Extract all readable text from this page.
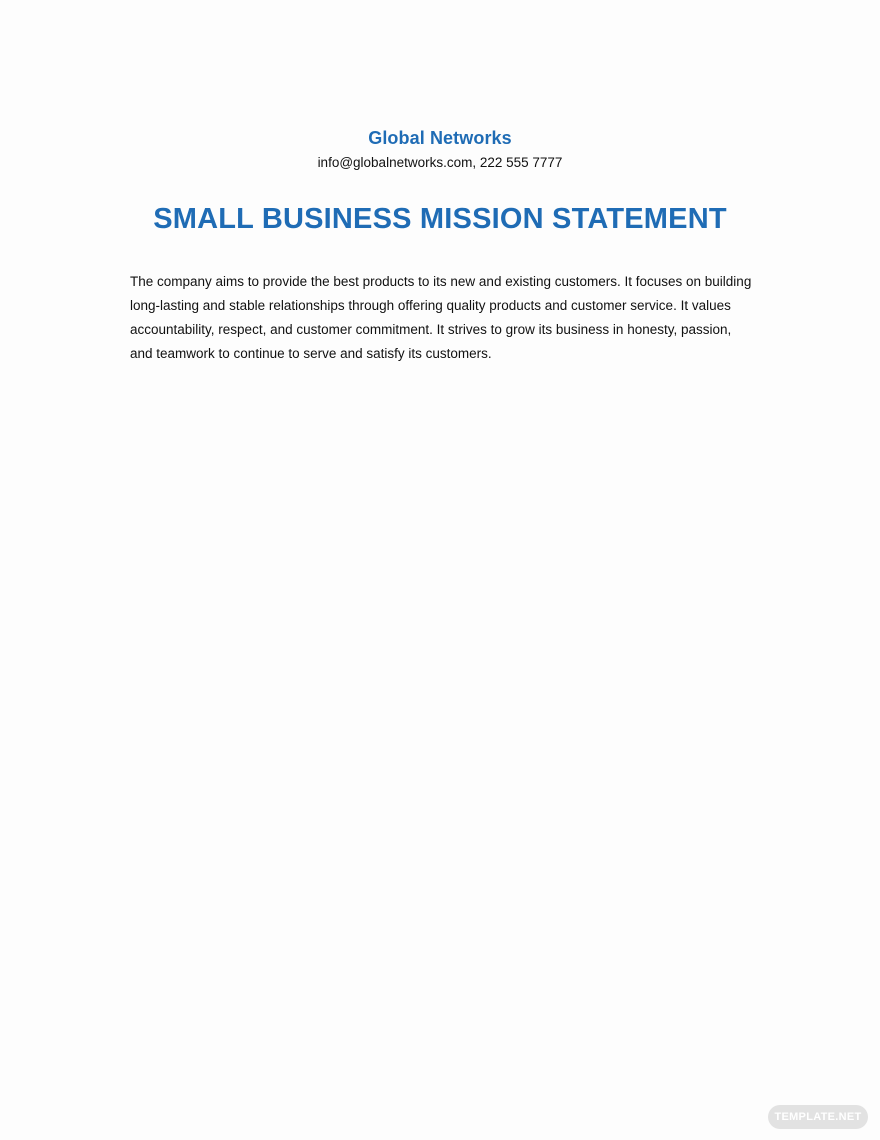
Global Networks
info@globalnetworks.com, 222 555 7777
SMALL BUSINESS MISSION STATEMENT
The company aims to provide the best products to its new and existing customers. It focuses on building long-lasting and stable relationships through offering quality products and customer service. It values accountability, respect, and customer commitment. It strives to grow its business in honesty, passion, and teamwork to continue to serve and satisfy its customers.
TEMPLATE.NET
